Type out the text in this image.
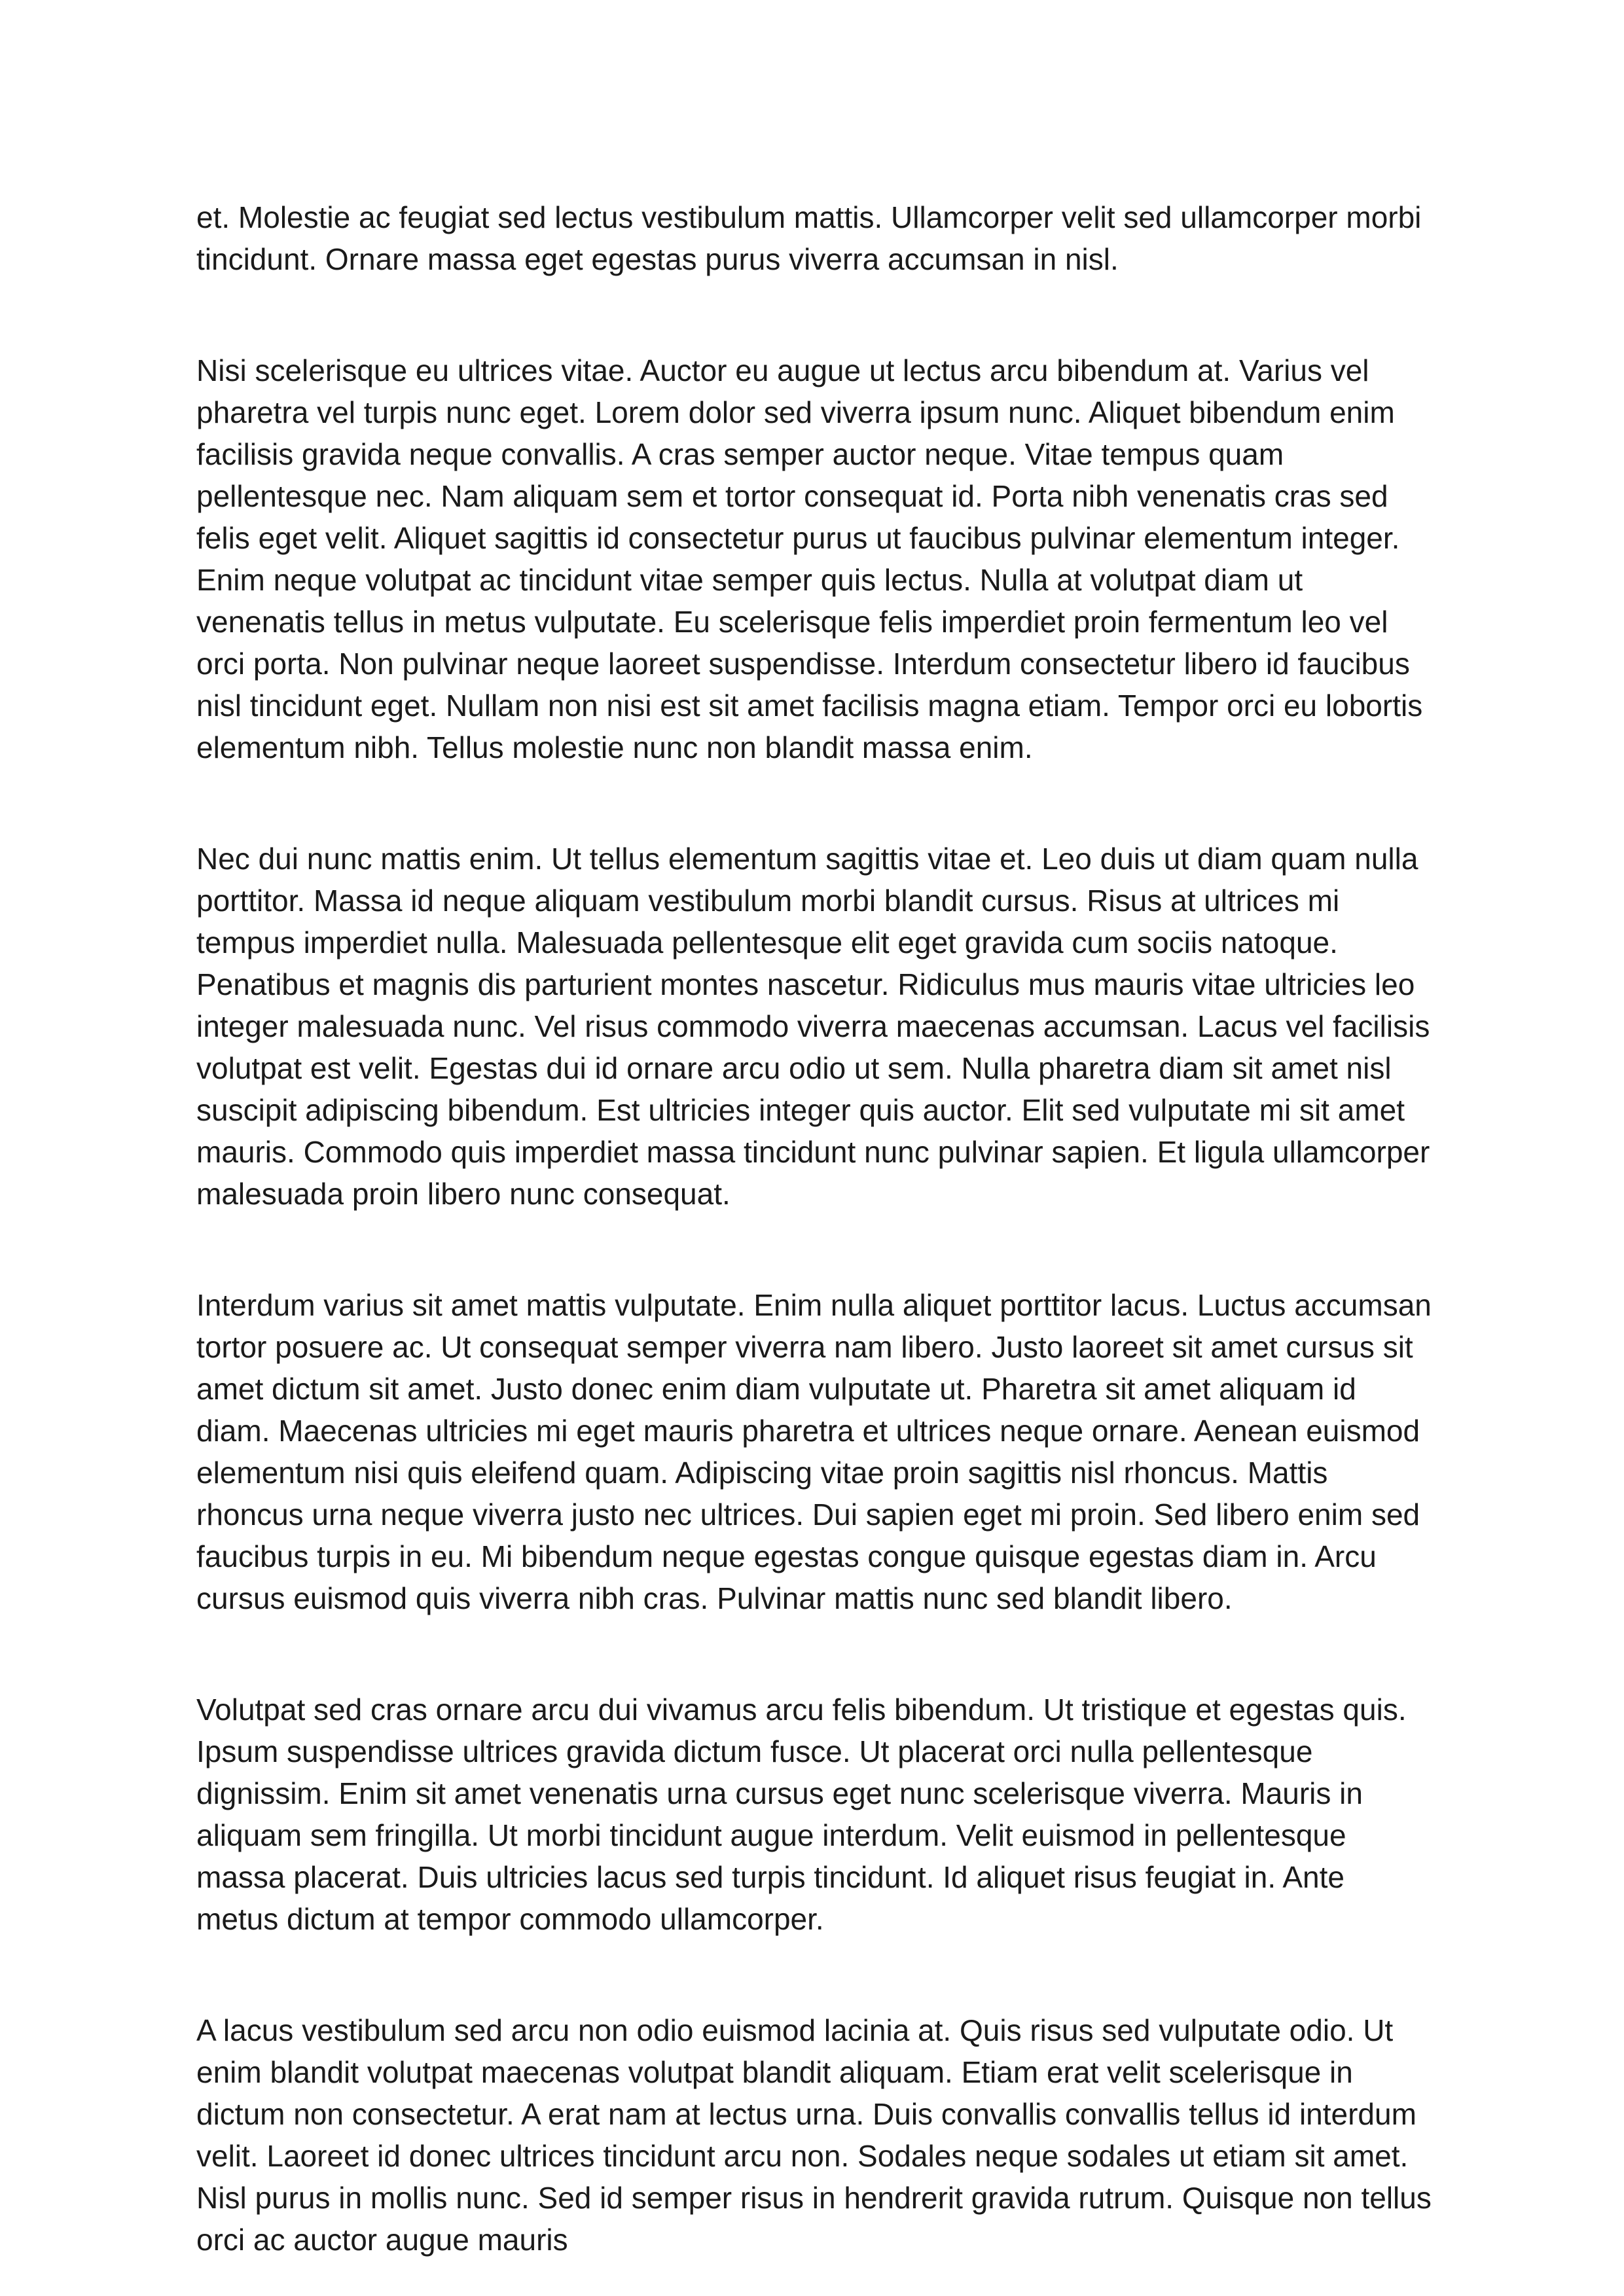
et. Molestie ac feugiat sed lectus vestibulum mattis. Ullamcorper velit sed ullamcorper morbi tincidunt. Ornare massa eget egestas purus viverra accumsan in nisl.

Nisi scelerisque eu ultrices vitae. Auctor eu augue ut lectus arcu bibendum at. Varius vel pharetra vel turpis nunc eget. Lorem dolor sed viverra ipsum nunc. Aliquet bibendum enim facilisis gravida neque convallis. A cras semper auctor neque. Vitae tempus quam pellentesque nec. Nam aliquam sem et tortor consequat id. Porta nibh venenatis cras sed felis eget velit. Aliquet sagittis id consectetur purus ut faucibus pulvinar elementum integer. Enim neque volutpat ac tincidunt vitae semper quis lectus. Nulla at volutpat diam ut venenatis tellus in metus vulputate. Eu scelerisque felis imperdiet proin fermentum leo vel orci porta. Non pulvinar neque laoreet suspendisse. Interdum consectetur libero id faucibus nisl tincidunt eget. Nullam non nisi est sit amet facilisis magna etiam. Tempor orci eu lobortis elementum nibh. Tellus molestie nunc non blandit massa enim.

Nec dui nunc mattis enim. Ut tellus elementum sagittis vitae et. Leo duis ut diam quam nulla porttitor. Massa id neque aliquam vestibulum morbi blandit cursus. Risus at ultrices mi tempus imperdiet nulla. Malesuada pellentesque elit eget gravida cum sociis natoque. Penatibus et magnis dis parturient montes nascetur. Ridiculus mus mauris vitae ultricies leo integer malesuada nunc. Vel risus commodo viverra maecenas accumsan. Lacus vel facilisis volutpat est velit. Egestas dui id ornare arcu odio ut sem. Nulla pharetra diam sit amet nisl suscipit adipiscing bibendum. Est ultricies integer quis auctor. Elit sed vulputate mi sit amet mauris. Commodo quis imperdiet massa tincidunt nunc pulvinar sapien. Et ligula ullamcorper malesuada proin libero nunc consequat.

Interdum varius sit amet mattis vulputate. Enim nulla aliquet porttitor lacus. Luctus accumsan tortor posuere ac. Ut consequat semper viverra nam libero. Justo laoreet sit amet cursus sit amet dictum sit amet. Justo donec enim diam vulputate ut. Pharetra sit amet aliquam id diam. Maecenas ultricies mi eget mauris pharetra et ultrices neque ornare. Aenean euismod elementum nisi quis eleifend quam. Adipiscing vitae proin sagittis nisl rhoncus. Mattis rhoncus urna neque viverra justo nec ultrices. Dui sapien eget mi proin. Sed libero enim sed faucibus turpis in eu. Mi bibendum neque egestas congue quisque egestas diam in. Arcu cursus euismod quis viverra nibh cras. Pulvinar mattis nunc sed blandit libero.

Volutpat sed cras ornare arcu dui vivamus arcu felis bibendum. Ut tristique et egestas quis. Ipsum suspendisse ultrices gravida dictum fusce. Ut placerat orci nulla pellentesque dignissim. Enim sit amet venenatis urna cursus eget nunc scelerisque viverra. Mauris in aliquam sem fringilla. Ut morbi tincidunt augue interdum. Velit euismod in pellentesque massa placerat. Duis ultricies lacus sed turpis tincidunt. Id aliquet risus feugiat in. Ante metus dictum at tempor commodo ullamcorper.

A lacus vestibulum sed arcu non odio euismod lacinia at. Quis risus sed vulputate odio. Ut enim blandit volutpat maecenas volutpat blandit aliquam. Etiam erat velit scelerisque in dictum non consectetur. A erat nam at lectus urna. Duis convallis convallis tellus id interdum velit. Laoreet id donec ultrices tincidunt arcu non. Sodales neque sodales ut etiam sit amet. Nisl purus in mollis nunc. Sed id semper risus in hendrerit gravida rutrum. Quisque non tellus orci ac auctor augue mauris
